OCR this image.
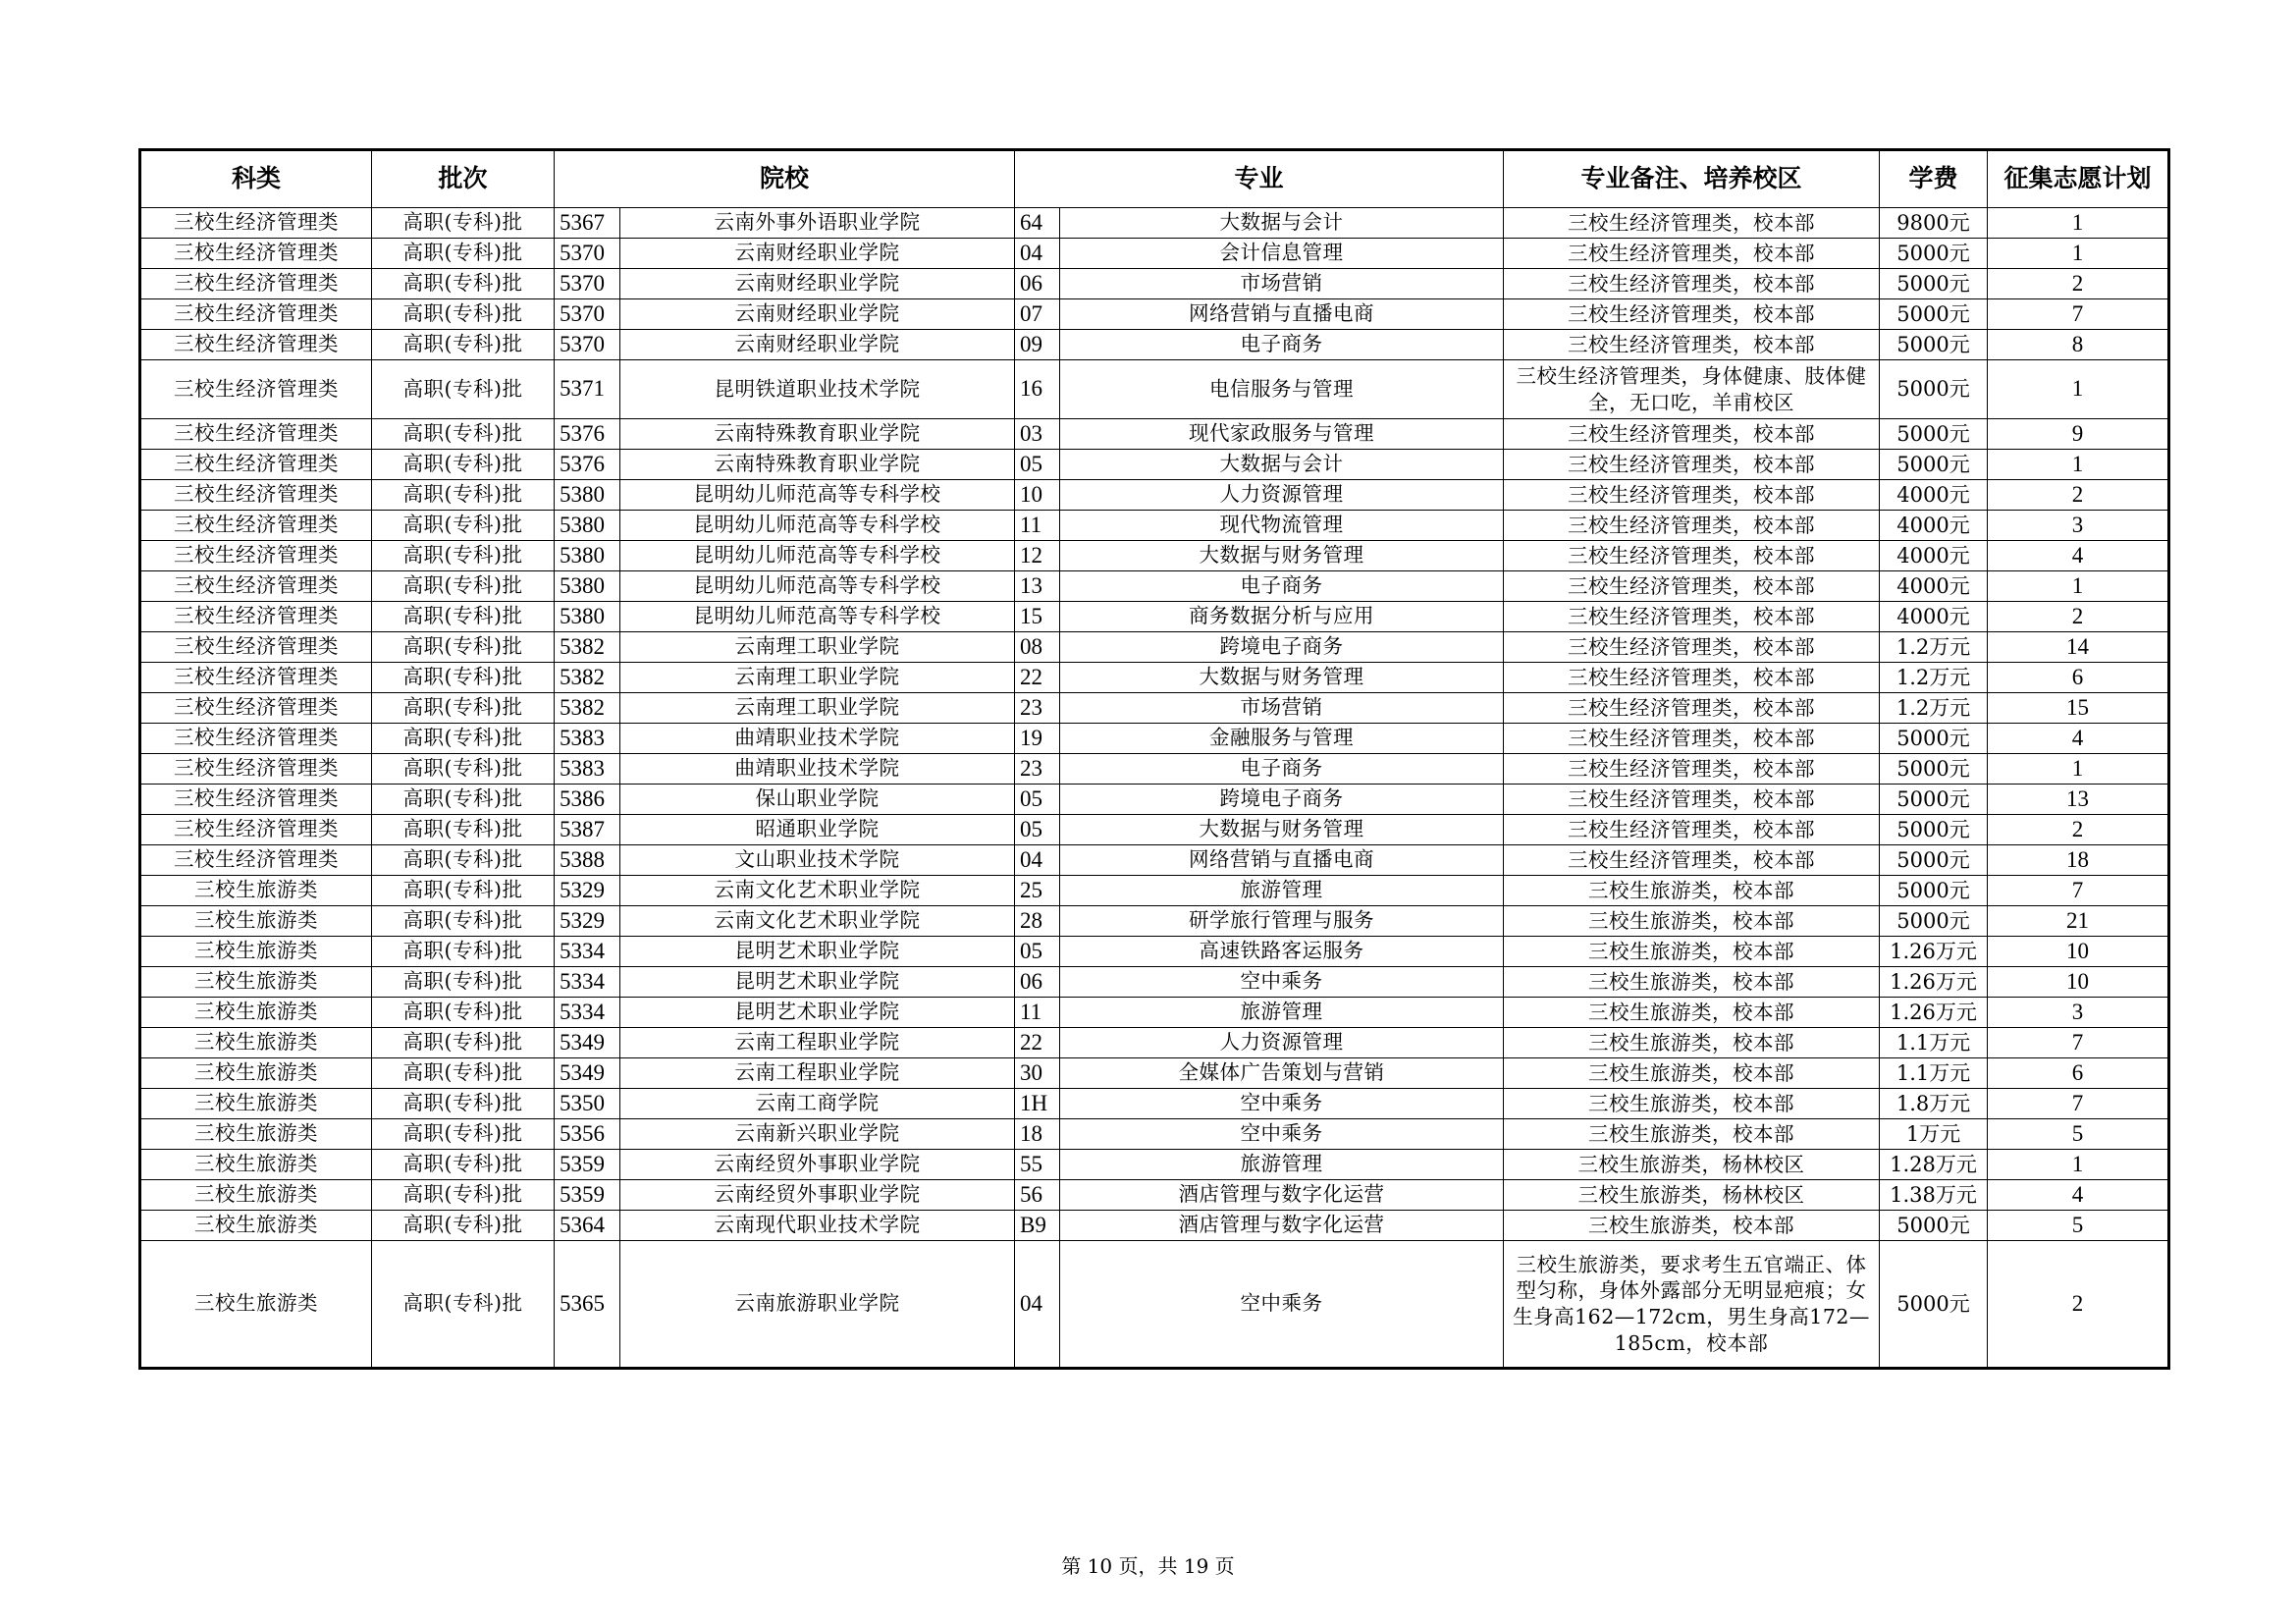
科类	批次	院校		专业		专业备注、培养校区	学费	征集志愿计划
三校生经济管理类	高职(专科)批	5367	云南外事外语职业学院	64	大数据与会计	三校生经济管理类，校本部	9800元	1
三校生经济管理类	高职(专科)批	5370	云南财经职业学院	04	会计信息管理	三校生经济管理类，校本部	5000元	1
三校生经济管理类	高职(专科)批	5370	云南财经职业学院	06	市场营销	三校生经济管理类，校本部	5000元	2
三校生经济管理类	高职(专科)批	5370	云南财经职业学院	07	网络营销与直播电商	三校生经济管理类，校本部	5000元	7
三校生经济管理类	高职(专科)批	5370	云南财经职业学院	09	电子商务	三校生经济管理类，校本部	5000元	8
三校生经济管理类	高职(专科)批	5371	昆明铁道职业技术学院	16	电信服务与管理	三校生经济管理类，身体健康、肢体健全，无口吃，羊甫校区	5000元	1
三校生经济管理类	高职(专科)批	5376	云南特殊教育职业学院	03	现代家政服务与管理	三校生经济管理类，校本部	5000元	9
三校生经济管理类	高职(专科)批	5376	云南特殊教育职业学院	05	大数据与会计	三校生经济管理类，校本部	5000元	1
三校生经济管理类	高职(专科)批	5380	昆明幼儿师范高等专科学校	10	人力资源管理	三校生经济管理类，校本部	4000元	2
三校生经济管理类	高职(专科)批	5380	昆明幼儿师范高等专科学校	11	现代物流管理	三校生经济管理类，校本部	4000元	3
三校生经济管理类	高职(专科)批	5380	昆明幼儿师范高等专科学校	12	大数据与财务管理	三校生经济管理类，校本部	4000元	4
三校生经济管理类	高职(专科)批	5380	昆明幼儿师范高等专科学校	13	电子商务	三校生经济管理类，校本部	4000元	1
三校生经济管理类	高职(专科)批	5380	昆明幼儿师范高等专科学校	15	商务数据分析与应用	三校生经济管理类，校本部	4000元	2
三校生经济管理类	高职(专科)批	5382	云南理工职业学院	08	跨境电子商务	三校生经济管理类，校本部	1.2万元	14
三校生经济管理类	高职(专科)批	5382	云南理工职业学院	22	大数据与财务管理	三校生经济管理类，校本部	1.2万元	6
三校生经济管理类	高职(专科)批	5382	云南理工职业学院	23	市场营销	三校生经济管理类，校本部	1.2万元	15
三校生经济管理类	高职(专科)批	5383	曲靖职业技术学院	19	金融服务与管理	三校生经济管理类，校本部	5000元	4
三校生经济管理类	高职(专科)批	5383	曲靖职业技术学院	23	电子商务	三校生经济管理类，校本部	5000元	1
三校生经济管理类	高职(专科)批	5386	保山职业学院	05	跨境电子商务	三校生经济管理类，校本部	5000元	13
三校生经济管理类	高职(专科)批	5387	昭通职业学院	05	大数据与财务管理	三校生经济管理类，校本部	5000元	2
三校生经济管理类	高职(专科)批	5388	文山职业技术学院	04	网络营销与直播电商	三校生经济管理类，校本部	5000元	18
三校生旅游类	高职(专科)批	5329	云南文化艺术职业学院	25	旅游管理	三校生旅游类，校本部	5000元	7
三校生旅游类	高职(专科)批	5329	云南文化艺术职业学院	28	研学旅行管理与服务	三校生旅游类，校本部	5000元	21
三校生旅游类	高职(专科)批	5334	昆明艺术职业学院	05	高速铁路客运服务	三校生旅游类，校本部	1.26万元	10
三校生旅游类	高职(专科)批	5334	昆明艺术职业学院	06	空中乘务	三校生旅游类，校本部	1.26万元	10
三校生旅游类	高职(专科)批	5334	昆明艺术职业学院	11	旅游管理	三校生旅游类，校本部	1.26万元	3
三校生旅游类	高职(专科)批	5349	云南工程职业学院	22	人力资源管理	三校生旅游类，校本部	1.1万元	7
三校生旅游类	高职(专科)批	5349	云南工程职业学院	30	全媒体广告策划与营销	三校生旅游类，校本部	1.1万元	6
三校生旅游类	高职(专科)批	5350	云南工商学院	1H	空中乘务	三校生旅游类，校本部	1.8万元	7
三校生旅游类	高职(专科)批	5356	云南新兴职业学院	18	空中乘务	三校生旅游类，校本部	1万元	5
三校生旅游类	高职(专科)批	5359	云南经贸外事职业学院	55	旅游管理	三校生旅游类，杨林校区	1.28万元	1
三校生旅游类	高职(专科)批	5359	云南经贸外事职业学院	56	酒店管理与数字化运营	三校生旅游类，杨林校区	1.38万元	4
三校生旅游类	高职(专科)批	5364	云南现代职业技术学院	B9	酒店管理与数字化运营	三校生旅游类，校本部	5000元	5
三校生旅游类	高职(专科)批	5365	云南旅游职业学院	04	空中乘务	三校生旅游类，要求考生五官端正、体型匀称，身体外露部分无明显疤痕；女生身高162—172cm，男生身高172—185cm，校本部	5000元	2
第 10 页，共 19 页
